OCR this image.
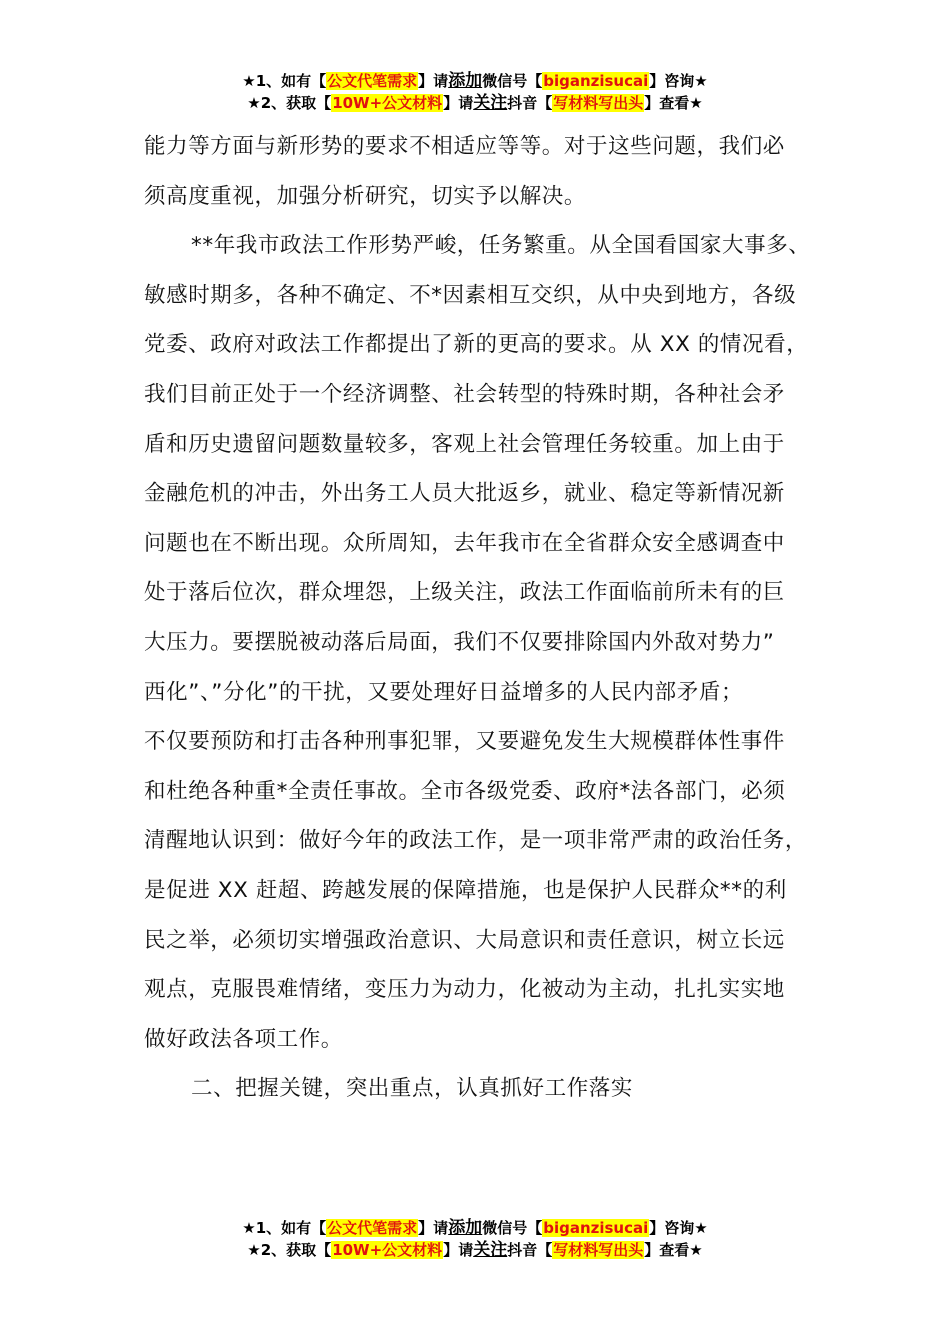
★1、如有【公文代笔需求】请添加微信号【biganzisucai】咨询★
★2、获取【10W+公文材料】请关注抖音【写材料写出头】查看★

能力等方面与新形势的要求不相适应等等。对于这些问题，我们必
须高度重视，加强分析研究，切实予以解决。

**年我市政法工作形势严峻，任务繁重。从全国看国家大事多、
敏感时期多，各种不确定、不*因素相互交织，从中央到地方，各级
党委、政府对政法工作都提出了新的更高的要求。从 XX 的情况看，
我们目前正处于一个经济调整、社会转型的特殊时期，各种社会矛
盾和历史遗留问题数量较多，客观上社会管理任务较重。加上由于
金融危机的冲击，外出务工人员大批返乡，就业、稳定等新情况新
问题也在不断出现。众所周知，去年我市在全省群众安全感调查中
处于落后位次，群众埋怨，上级关注，政法工作面临前所未有的巨
大压力。要摆脱被动落后局面，我们不仅要排除国内外敌对势力”
西化”、”分化”的干扰，又要处理好日益增多的人民内部矛盾；
不仅要预防和打击各种刑事犯罪，又要避免发生大规模群体性事件
和杜绝各种重*全责任事故。全市各级党委、政府*法各部门，必须
清醒地认识到：做好今年的政法工作，是一项非常严肃的政治任务，
是促进 XX 赶超、跨越发展的保障措施，也是保护人民群众**的利
民之举，必须切实增强政治意识、大局意识和责任意识，树立长远
观点，克服畏难情绪，变压力为动力，化被动为主动，扎扎实实地
做好政法各项工作。

二、把握关键，突出重点，认真抓好工作落实

★1、如有【公文代笔需求】请添加微信号【biganzisucai】咨询★
★2、获取【10W+公文材料】请关注抖音【写材料写出头】查看★
